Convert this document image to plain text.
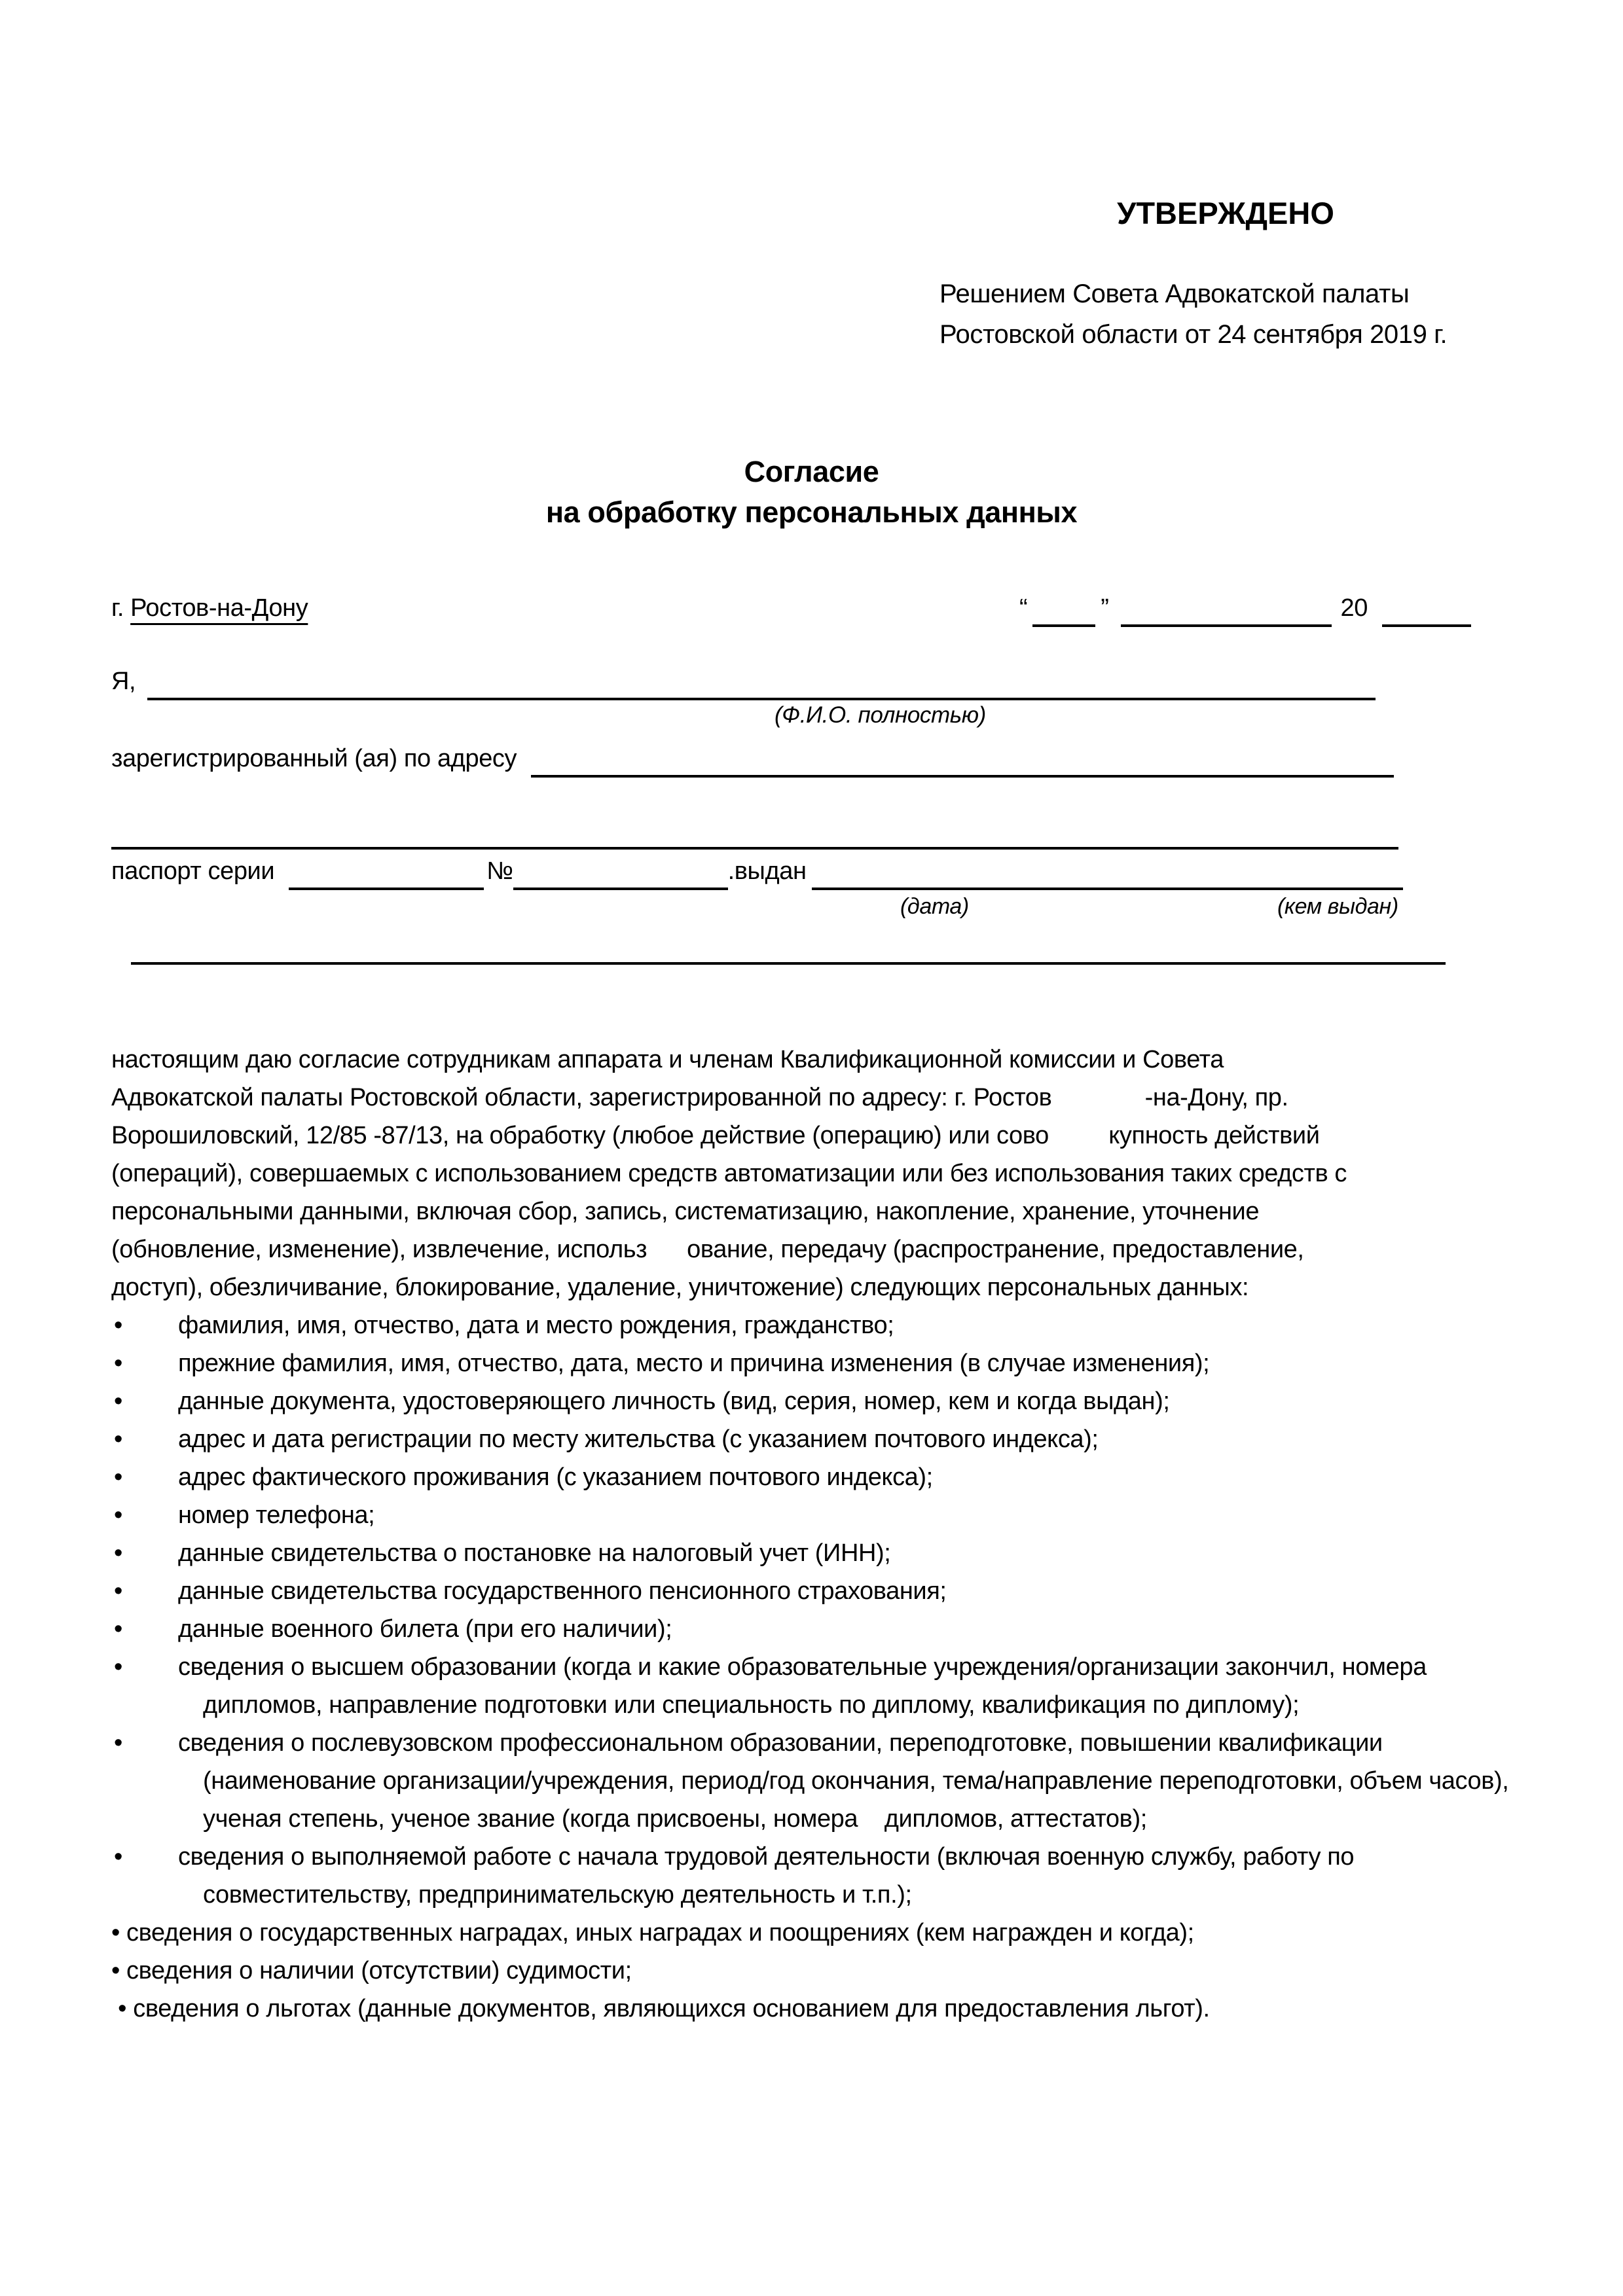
УТВЕРЖДЕНО
Решением Совета Адвокатской палаты
Ростовской области от 24 сентября 2019 г.
Согласие
на обработку персональных данных
г. Ростов-на-Дону	“	”	20
Я,
(Ф.И.О. полностью)
зарегистрированный (ая) по адресу
паспорт серии	№	.выдан
(дата)	(кем выдан)
настоящим даю согласие сотрудникам аппарата и членам Квалификационной комиссии и Совета
Адвокатской палаты Ростовской области, зарегистрированной по адресу: г. Ростов              -на-Дону, пр.
Ворошиловский, 12/85 -87/13, на обработку (любое действие (операцию) или сово         купность действий
(операций), совершаемых с использованием средств автоматизации или без использования таких средств с
персональными данными, включая сбор, запись, систематизацию, накопление, хранение, уточнение
(обновление, изменение), извлечение, использ      ование, передачу (распространение, предоставление,
доступ), обезличивание, блокирование, удаление, уничтожение) следующих персональных данных:
• фамилия, имя, отчество, дата и место рождения, гражданство;
• прежние фамилия, имя, отчество, дата, место и причина изменения (в случае изменения);
• данные документа, удостоверяющего личность (вид, серия, номер, кем и когда выдан);
• адрес и дата регистрации по месту жительства (с указанием почтового индекса);
• адрес фактического проживания (с указанием почтового индекса);
• номер телефона;
• данные свидетельства о постановке на налоговый учет (ИНН);
• данные свидетельства государственного пенсионного страхования;
• данные военного билета (при его наличии);
• сведения о высшем образовании (когда и какие образовательные учреждения/организации закончил, номера дипломов, направление подготовки или специальность по диплому, квалификация по диплому);
• сведения о послевузовском профессиональном образовании, переподготовке, повышении квалификации (наименование организации/учреждения, период/год окончания, тема/направление переподготовки, объем часов), ученая степень, ученое звание (когда присвоены, номера    дипломов, аттестатов);
• сведения о выполняемой работе с начала трудовой деятельности (включая военную службу, работу по совместительству, предпринимательскую деятельность и т.п.);

• сведения о государственных наградах, иных наградах и поощрениях (кем награжден и когда);

• сведения о наличии (отсутствии) судимости;

• сведения о льготах (данные документов, являющихся основанием для предоставления льгот).
